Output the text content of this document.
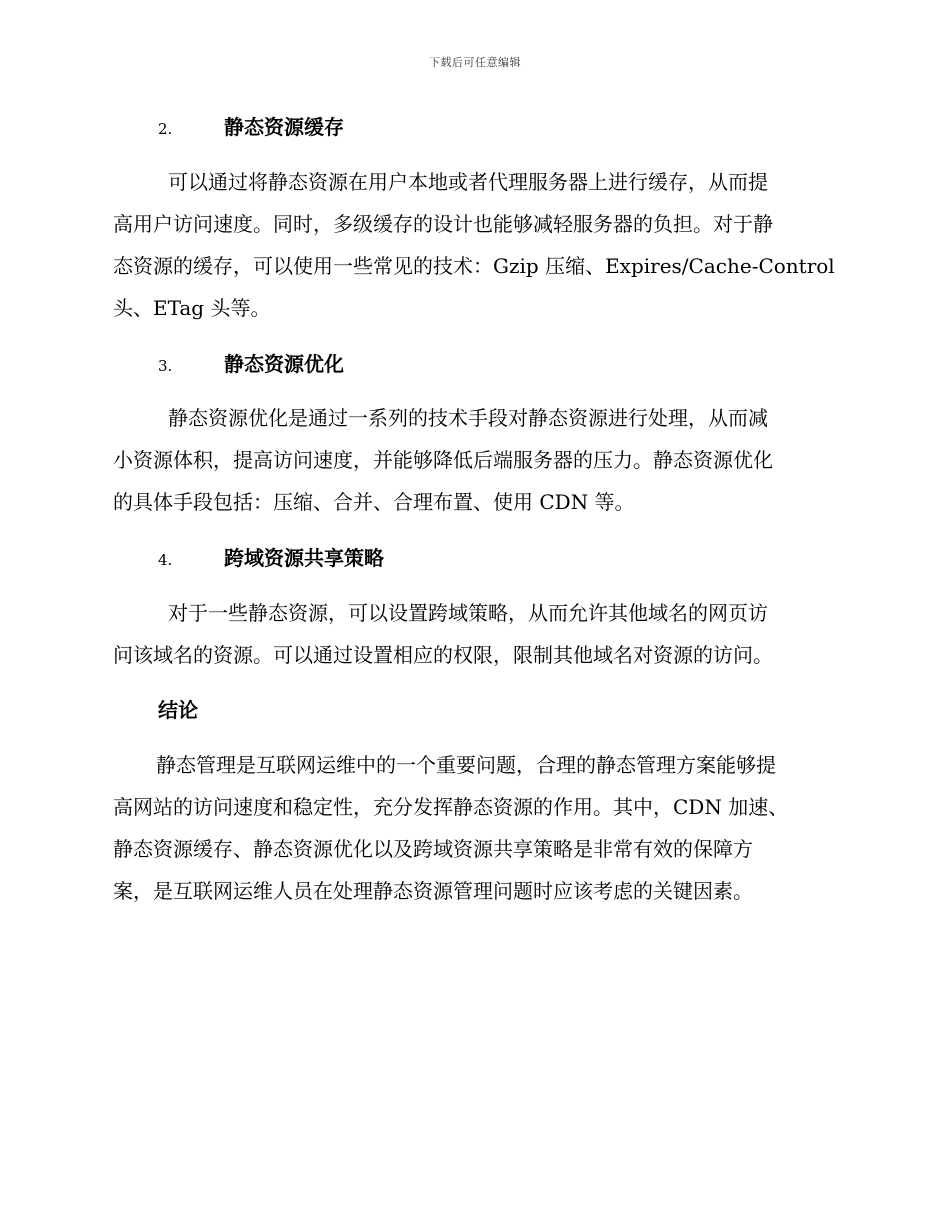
下载后可任意编辑
2.	静态资源缓存
可以通过将静态资源在用户本地或者代理服务器上进行缓存，从而提
高用户访问速度。同时，多级缓存的设计也能够减轻服务器的负担。对于静
态资源的缓存，可以使用一些常见的技术：Gzip 压缩、Expires/Cache-Control
头、ETag 头等。
3.	静态资源优化
静态资源优化是通过一系列的技术手段对静态资源进行处理，从而减
小资源体积，提高访问速度，并能够降低后端服务器的压力。静态资源优化
的具体手段包括：压缩、合并、合理布置、使用 CDN 等。
4.	跨域资源共享策略
对于一些静态资源，可以设置跨域策略，从而允许其他域名的网页访
问该域名的资源。可以通过设置相应的权限，限制其他域名对资源的访问。
结论
静态管理是互联网运维中的一个重要问题，合理的静态管理方案能够提
高网站的访问速度和稳定性，充分发挥静态资源的作用。其中，CDN 加速、
静态资源缓存、静态资源优化以及跨域资源共享策略是非常有效的保障方
案，是互联网运维人员在处理静态资源管理问题时应该考虑的关键因素。
